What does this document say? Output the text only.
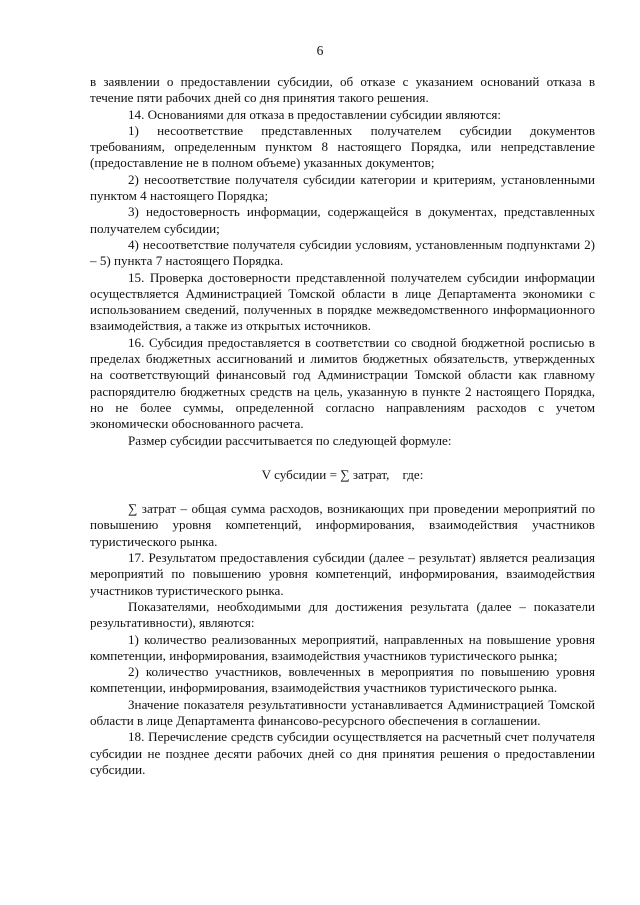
6

в заявлении о предоставлении субсидии, об отказе с указанием оснований отказа в течение пяти рабочих дней со дня принятия такого решения.

14. Основаниями для отказа в предоставлении субсидии являются:

1) несоответствие представленных получателем субсидии документов требованиям, определенным пунктом 8 настоящего Порядка, или непредставление (предоставление не в полном объеме) указанных документов;

2) несоответствие получателя субсидии категории и критериям, установленными пунктом 4 настоящего Порядка;

3) недостоверность информации, содержащейся в документах, представленных получателем субсидии;

4) несоответствие получателя субсидии условиям, установленным подпунктами 2) – 5) пункта 7 настоящего Порядка.

15. Проверка достоверности представленной получателем субсидии информации осуществляется Администрацией Томской области в лице Департамента экономики с использованием сведений, полученных в порядке межведомственного информационного взаимодействия, а также из открытых источников.

16. Субсидия предоставляется в соответствии со сводной бюджетной росписью в пределах бюджетных ассигнований и лимитов бюджетных обязательств, утвержденных на соответствующий финансовый год Администрации Томской области как главному распорядителю бюджетных средств на цель, указанную в пункте 2 настоящего Порядка, но не более суммы, определенной согласно направлениям расходов с учетом экономически обоснованного расчета.

Размер субсидии рассчитывается по следующей формуле:

V субсидии = ∑ затрат,    где:

∑ затрат – общая сумма расходов, возникающих при проведении мероприятий по повышению уровня компетенций, информирования, взаимодействия участников туристического рынка.

17. Результатом предоставления субсидии (далее – результат) является реализация мероприятий по повышению уровня компетенций, информирования, взаимодействия участников туристического рынка.

Показателями, необходимыми для достижения результата (далее – показатели результативности), являются:

1) количество реализованных мероприятий, направленных на повышение уровня компетенции, информирования, взаимодействия участников туристического рынка;

2) количество участников, вовлеченных в мероприятия по повышению уровня компетенции, информирования, взаимодействия участников туристического рынка.

Значение показателя результативности устанавливается Администрацией Томской области в лице Департамента финансово-ресурсного обеспечения в соглашении.

18. Перечисление средств субсидии осуществляется на расчетный счет получателя субсидии не позднее десяти рабочих дней со дня принятия решения о предоставлении субсидии.
